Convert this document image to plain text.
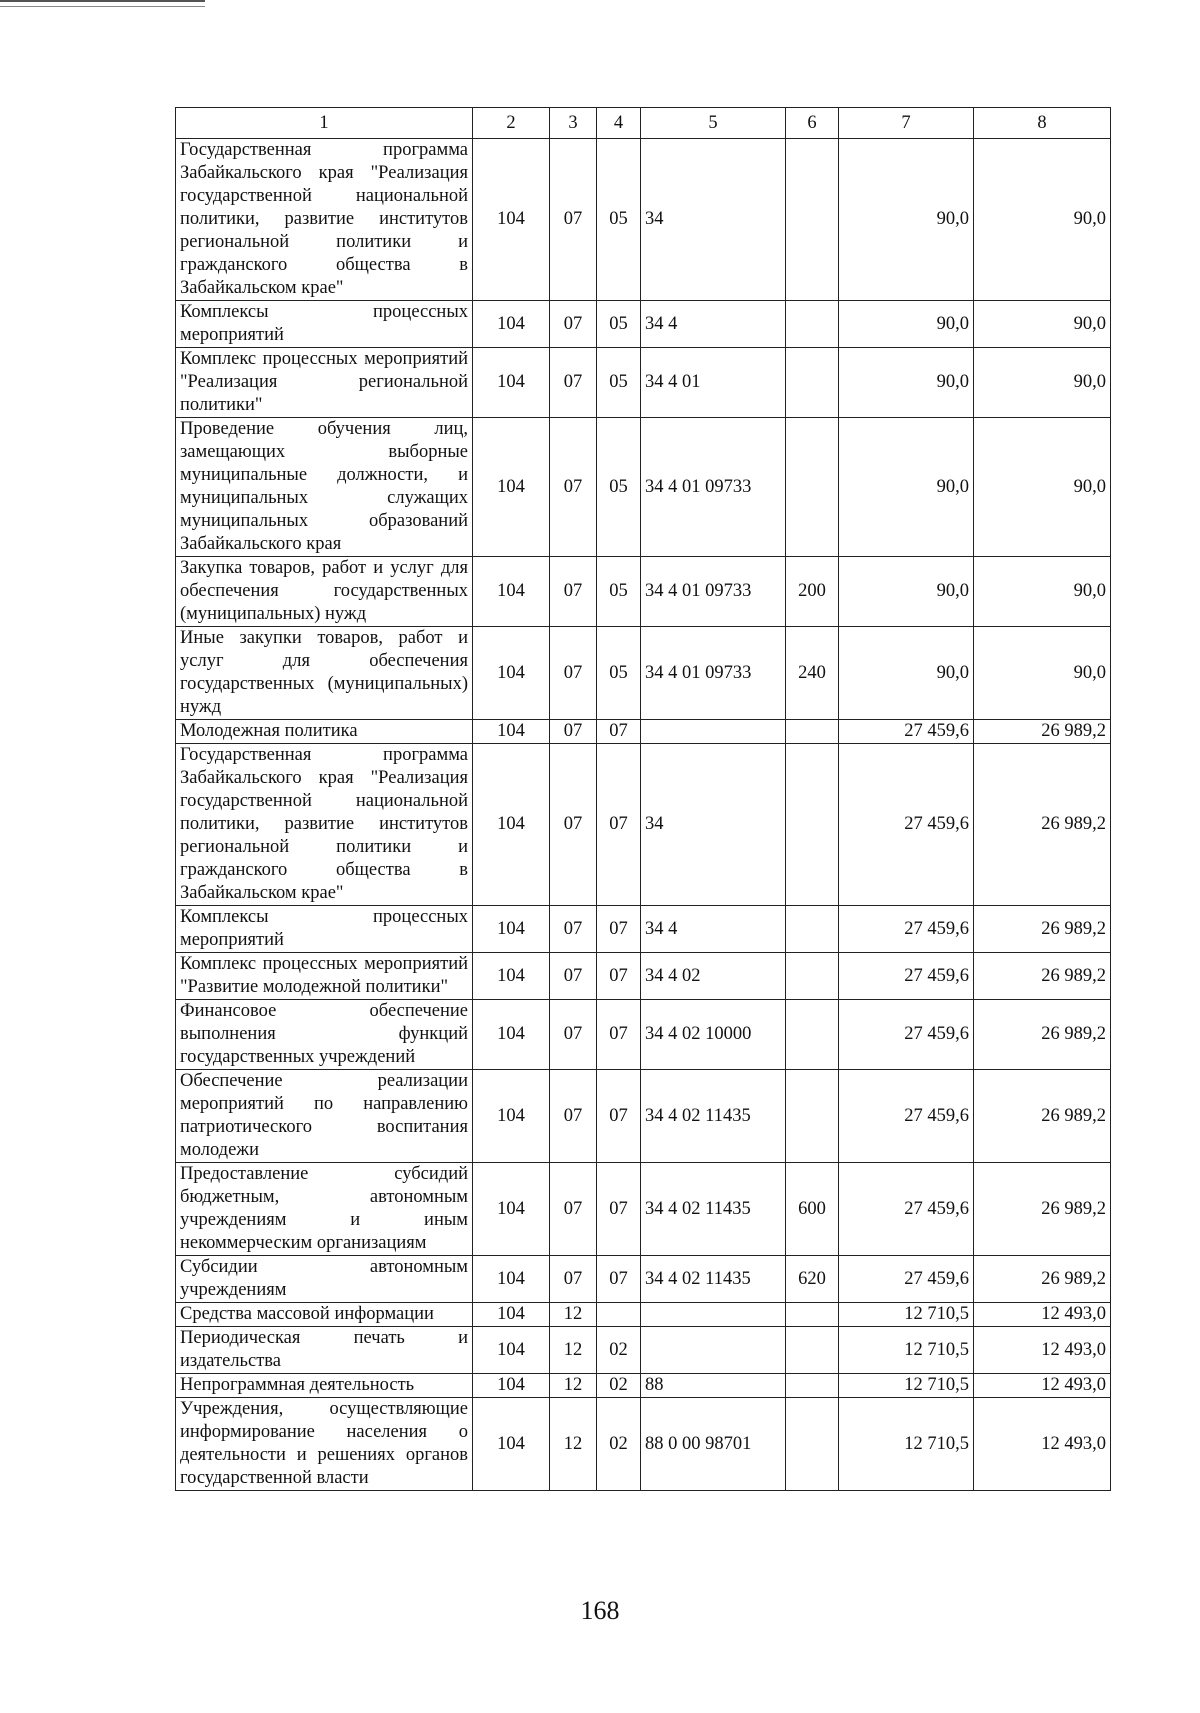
1	2	3	4	5	6	7	8
Государственная программа Забайкальского края "Реализация государственной национальной политики, развитие институтов региональной политики и гражданского общества в Забайкальском крае"	104	07	05	34		90,0	90,0
Комплексы процессных мероприятий	104	07	05	34 4		90,0	90,0
Комплекс процессных мероприятий "Реализация региональной политики"	104	07	05	34 4 01		90,0	90,0
Проведение обучения лиц, замещающих выборные муниципальные должности, и муниципальных служащих муниципальных образований Забайкальского края	104	07	05	34 4 01 09733		90,0	90,0
Закупка товаров, работ и услуг для обеспечения государственных (муниципальных) нужд	104	07	05	34 4 01 09733	200	90,0	90,0
Иные закупки товаров, работ и услуг для обеспечения государственных (муниципальных) нужд	104	07	05	34 4 01 09733	240	90,0	90,0
Молодежная политика	104	07	07			27 459,6	26 989,2
Государственная программа Забайкальского края "Реализация государственной национальной политики, развитие институтов региональной политики и гражданского общества в Забайкальском крае"	104	07	07	34		27 459,6	26 989,2
Комплексы процессных мероприятий	104	07	07	34 4		27 459,6	26 989,2
Комплекс процессных мероприятий "Развитие молодежной политики"	104	07	07	34 4 02		27 459,6	26 989,2
Финансовое обеспечение выполнения функций государственных учреждений	104	07	07	34 4 02 10000		27 459,6	26 989,2
Обеспечение реализации мероприятий по направлению патриотического воспитания молодежи	104	07	07	34 4 02 11435		27 459,6	26 989,2
Предоставление субсидий бюджетным, автономным учреждениям и иным некоммерческим организациям	104	07	07	34 4 02 11435	600	27 459,6	26 989,2
Субсидии автономным учреждениям	104	07	07	34 4 02 11435	620	27 459,6	26 989,2
Средства массовой информации	104	12				12 710,5	12 493,0
Периодическая печать и издательства	104	12	02			12 710,5	12 493,0
Непрограммная деятельность	104	12	02	88		12 710,5	12 493,0
Учреждения, осуществляющие информирование населения о деятельности и решениях органов государственной власти	104	12	02	88 0 00 98701		12 710,5	12 493,0
168
